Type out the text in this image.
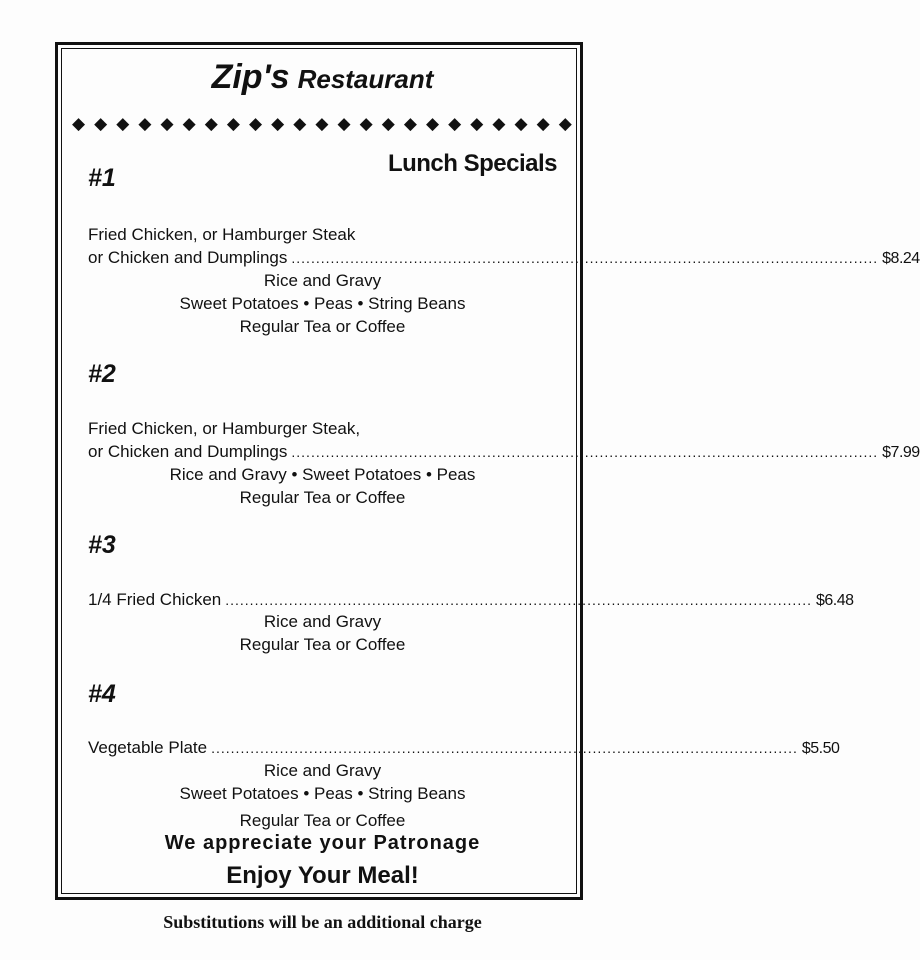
Zip's Restaurant
◆ ◆ ◆ ◆ ◆ ◆ ◆ ◆ ◆ ◆ ◆ ◆ ◆ ◆ ◆ ◆ ◆ ◆ ◆ ◆ ◆ ◆ ◆
Lunch Specials
#1
Fried Chicken, or Hamburger Steak
or Chicken and Dumplings ........................................................................................................................ $8.24
Rice and Gravy
Sweet Potatoes • Peas • String Beans
Regular Tea or Coffee
#2
Fried Chicken, or Hamburger Steak,
or Chicken and Dumplings ........................................................................................................................ $7.99
Rice and Gravy • Sweet Potatoes • Peas
Regular Tea or Coffee
#3
1/4 Fried Chicken ........................................................................................................................ $6.48
Rice and Gravy
Regular Tea or Coffee
#4
Vegetable Plate ........................................................................................................................ $5.50
Rice and Gravy
Sweet Potatoes • Peas • String Beans
Regular Tea or Coffee
We appreciate your Patronage
Enjoy Your Meal!
Substitutions will be an additional charge
